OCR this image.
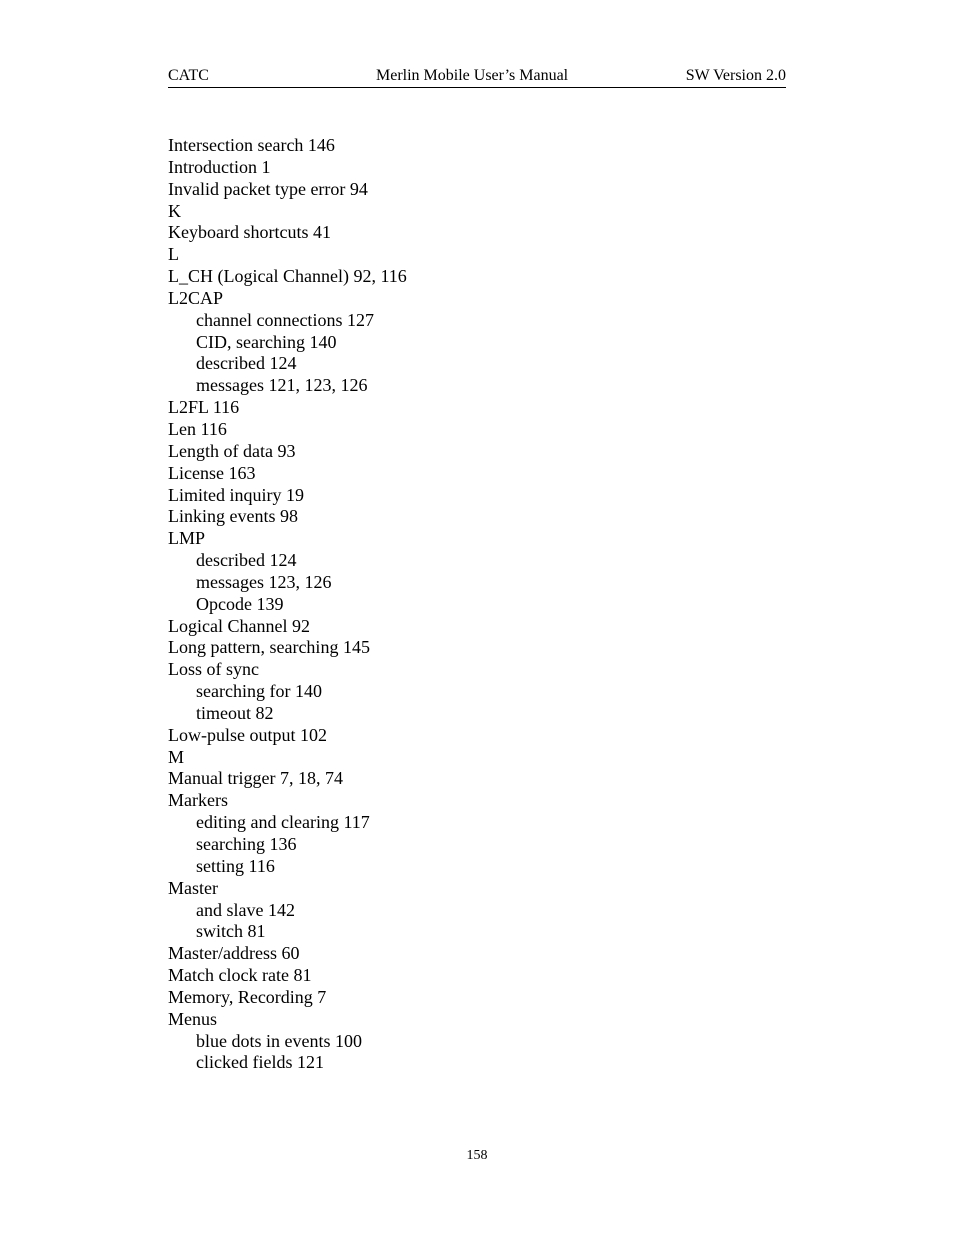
CATC	Merlin Mobile User’s Manual	SW Version 2.0
Intersection search 146
Introduction 1
Invalid packet type error 94
K
Keyboard shortcuts 41
L
L_CH (Logical Channel) 92, 116
L2CAP
channel connections 127
CID, searching 140
described 124
messages 121, 123, 126
L2FL 116
Len 116
Length of data 93
License 163
Limited inquiry 19
Linking events 98
LMP
described 124
messages 123, 126
Opcode 139
Logical Channel 92
Long pattern, searching 145
Loss of sync
searching for 140
timeout 82
Low-pulse output 102
M
Manual trigger 7, 18, 74
Markers
editing and clearing 117
searching 136
setting 116
Master
and slave 142
switch 81
Master/address 60
Match clock rate 81
Memory, Recording 7
Menus
blue dots in events 100
clicked fields 121
158
